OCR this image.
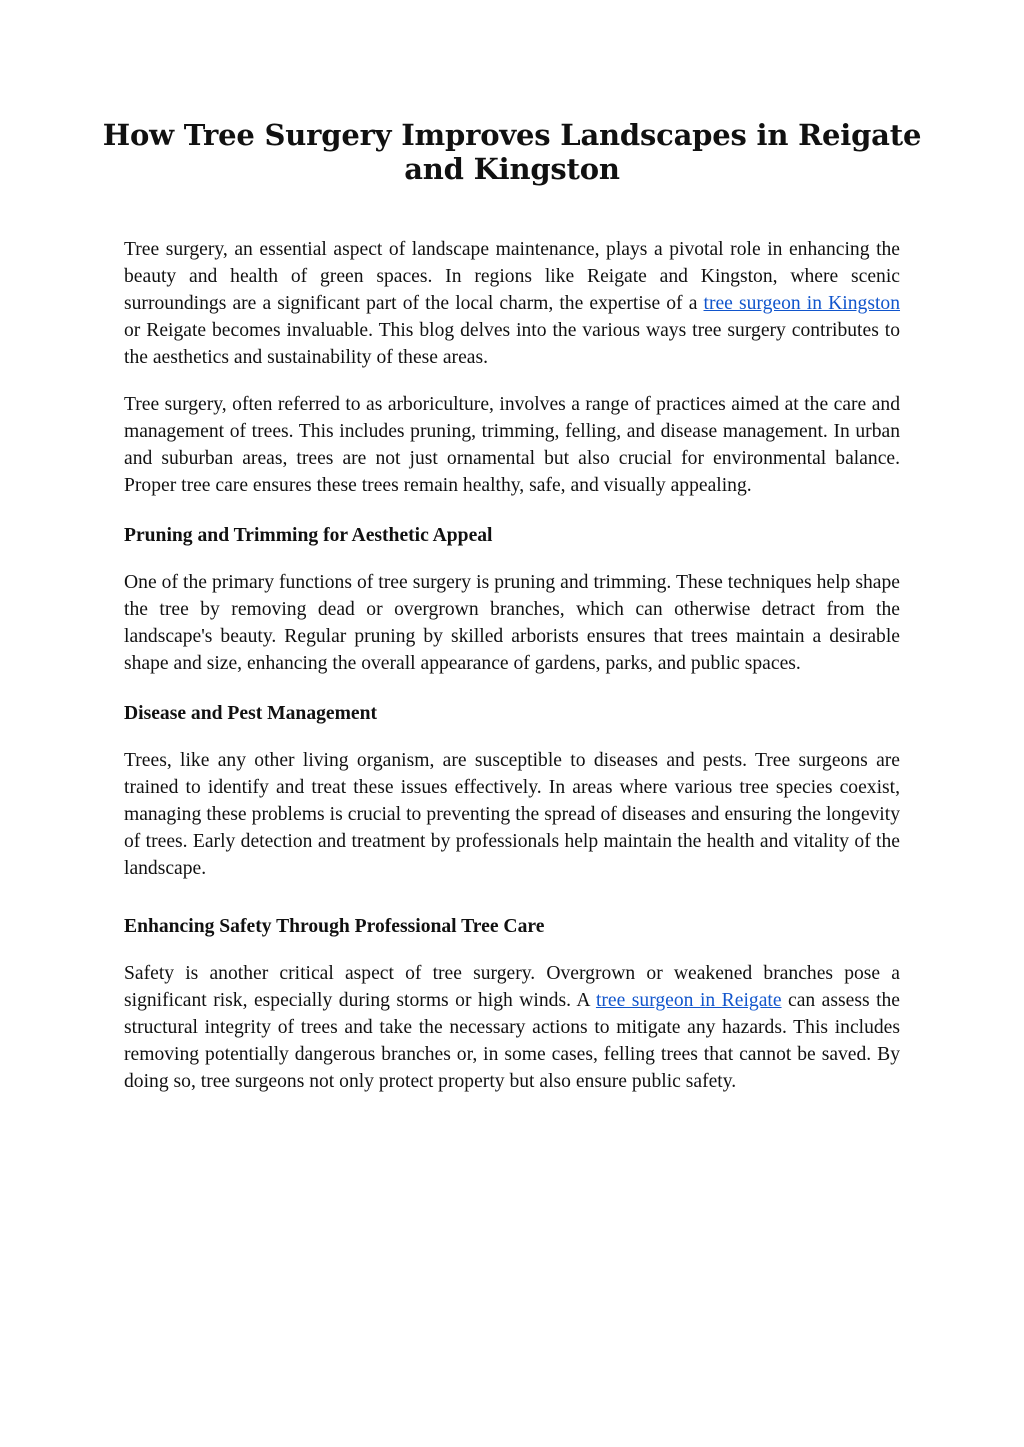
How Tree Surgery Improves Landscapes in Reigate and Kingston

Tree surgery, an essential aspect of landscape maintenance, plays a pivotal role in enhancing the beauty and health of green spaces. In regions like Reigate and Kingston, where scenic surroundings are a significant part of the local charm, the expertise of a tree surgeon in Kingston or Reigate becomes invaluable. This blog delves into the various ways tree surgery contributes to the aesthetics and sustainability of these areas.

Tree surgery, often referred to as arboriculture, involves a range of practices aimed at the care and management of trees. This includes pruning, trimming, felling, and disease management. In urban and suburban areas, trees are not just ornamental but also crucial for environmental balance. Proper tree care ensures these trees remain healthy, safe, and visually appealing.

Pruning and Trimming for Aesthetic Appeal

One of the primary functions of tree surgery is pruning and trimming. These techniques help shape the tree by removing dead or overgrown branches, which can otherwise detract from the landscape's beauty. Regular pruning by skilled arborists ensures that trees maintain a desirable shape and size, enhancing the overall appearance of gardens, parks, and public spaces.

Disease and Pest Management

Trees, like any other living organism, are susceptible to diseases and pests. Tree surgeons are trained to identify and treat these issues effectively. In areas where various tree species coexist, managing these problems is crucial to preventing the spread of diseases and ensuring the longevity of trees. Early detection and treatment by professionals help maintain the health and vitality of the landscape.

Enhancing Safety Through Professional Tree Care

Safety is another critical aspect of tree surgery. Overgrown or weakened branches pose a significant risk, especially during storms or high winds. A tree surgeon in Reigate can assess the structural integrity of trees and take the necessary actions to mitigate any hazards. This includes removing potentially dangerous branches or, in some cases, felling trees that cannot be saved. By doing so, tree surgeons not only protect property but also ensure public safety.
